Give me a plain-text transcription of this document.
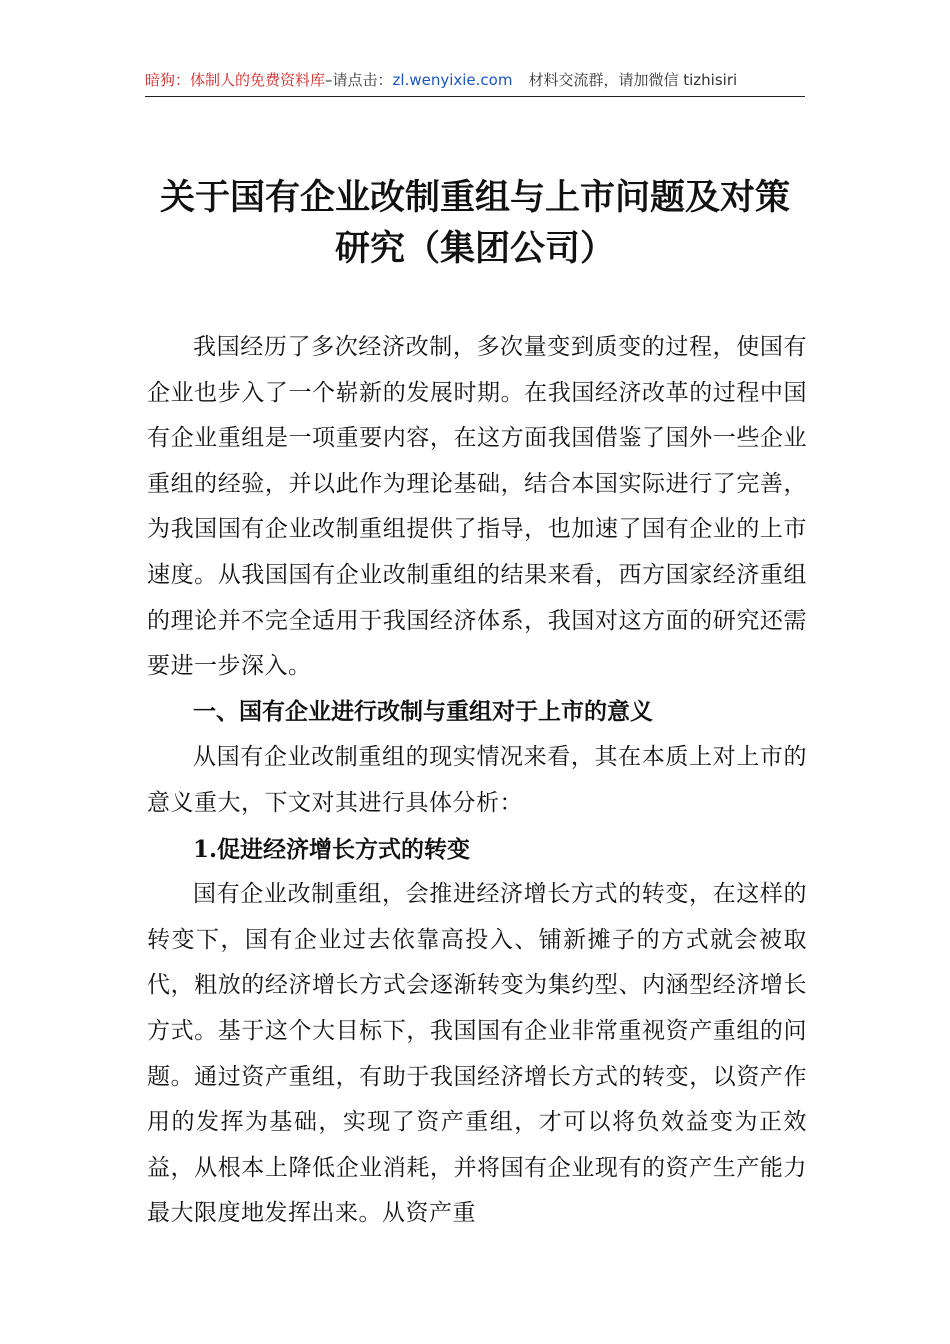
暗狗：体制人的免费资料库–请点击：zl.wenyixie.com 材料交流群，请加微信 tizhisiri
关于国有企业改制重组与上市问题及对策
研究（集团公司）

我国经历了多次经济改制，多次量变到质变的过程，使国有企业也步入了一个崭新的发展时期。在我国经济改革的过程中国有企业重组是一项重要内容，在这方面我国借鉴了国外一些企业重组的经验，并以此作为理论基础，结合本国实际进行了完善，为我国国有企业改制重组提供了指导，也加速了国有企业的上市速度。从我国国有企业改制重组的结果来看，西方国家经济重组的理论并不完全适用于我国经济体系，我国对这方面的研究还需要进一步深入。

一、国有企业进行改制与重组对于上市的意义

从国有企业改制重组的现实情况来看，其在本质上对上市的意义重大，下文对其进行具体分析：

1.促进经济增长方式的转变

国有企业改制重组，会推进经济增长方式的转变，在这样的转变下，国有企业过去依靠高投入、铺新摊子的方式就会被取代，粗放的经济增长方式会逐渐转变为集约型、内涵型经济增长方式。基于这个大目标下，我国国有企业非常重视资产重组的问题。通过资产重组，有助于我国经济增长方式的转变，以资产作用的发挥为基础，实现了资产重组，才可以将负效益变为正效益，从根本上降低企业消耗，并将国有企业现有的资产生产能力最大限度地发挥出来。从资产重
